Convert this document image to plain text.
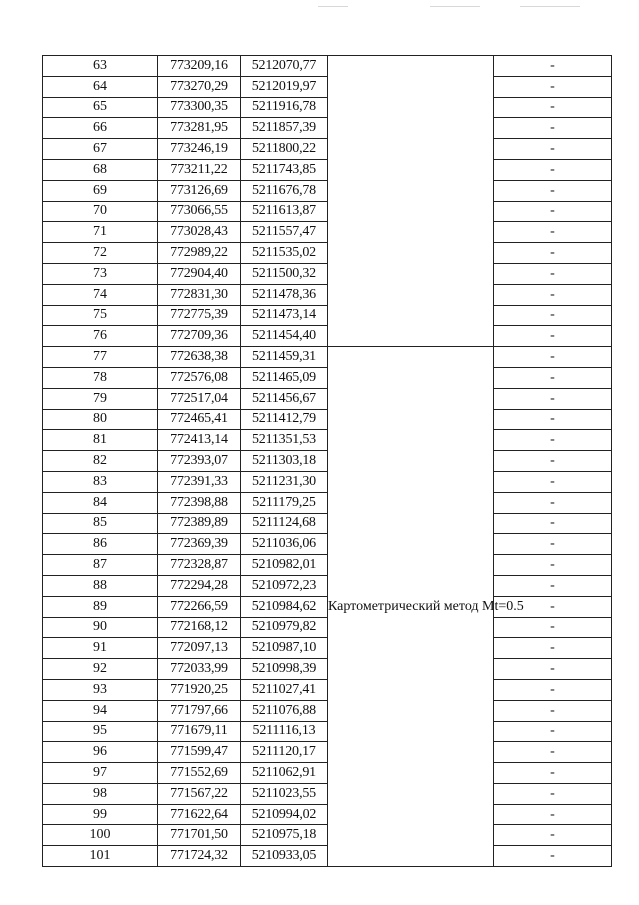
63	773209,16	5212070,77		-
64	773270,29	5212019,97		-
65	773300,35	5211916,78		-
66	773281,95	5211857,39		-
67	773246,19	5211800,22		-
68	773211,22	5211743,85		-
69	773126,69	5211676,78		-
70	773066,55	5211613,87		-
71	773028,43	5211557,47		-
72	772989,22	5211535,02		-
73	772904,40	5211500,32		-
74	772831,30	5211478,36		-
75	772775,39	5211473,14		-
76	772709,36	5211454,40		-
77	772638,38	5211459,31	Картометрический метод Mt=0.5	-
78	772576,08	5211465,09		-
79	772517,04	5211456,67		-
80	772465,41	5211412,79		-
81	772413,14	5211351,53		-
82	772393,07	5211303,18		-
83	772391,33	5211231,30		-
84	772398,88	5211179,25		-
85	772389,89	5211124,68		-
86	772369,39	5211036,06		-
87	772328,87	5210982,01		-
88	772294,28	5210972,23		-
89	772266,59	5210984,62		-
90	772168,12	5210979,82		-
91	772097,13	5210987,10		-
92	772033,99	5210998,39		-
93	771920,25	5211027,41		-
94	771797,66	5211076,88		-
95	771679,11	5211116,13		-
96	771599,47	5211120,17		-
97	771552,69	5211062,91		-
98	771567,22	5211023,55		-
99	771622,64	5210994,02		-
100	771701,50	5210975,18		-
101	771724,32	5210933,05		-
